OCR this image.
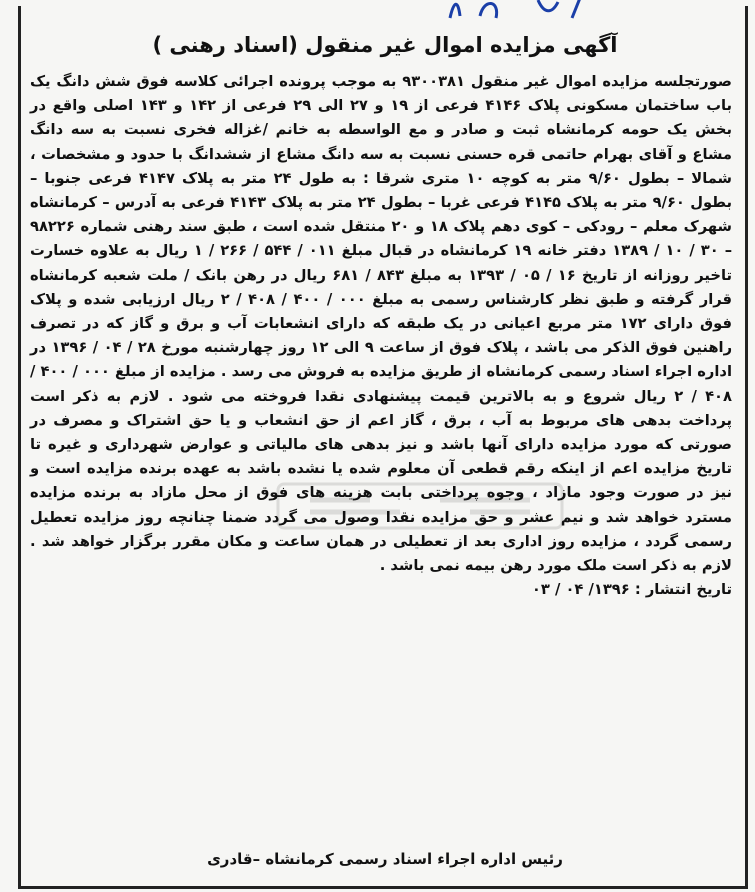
آگهی مزایده اموال غیر منقول (اسناد رهنی )

صورتجلسه مزایده اموال غیر منقول ۹۳۰۰۳۸۱ به موجب پرونده اجرائی کلاسه فوق شش دانگ یک باب ساختمان مسکونی پلاک ۴۱۴۶ فرعی از ۱۹ و ۲۷ الی ۲۹ فرعی از ۱۴۲ و ۱۴۳ اصلی واقع در بخش یک حومه کرمانشاه ثبت و صادر و مع الواسطه به خانم /غزاله فخری نسبت به سه دانگ مشاع و آقای بهرام حاتمی قره حسنی نسبت به سه دانگ مشاع از ششدانگ با حدود و مشخصات ، شمالا – بطول ۹/۶۰ متر به کوچه ۱۰ متری شرقا : به طول ۲۴ متر به پلاک ۴۱۴۷ فرعی جنوبا – بطول ۹/۶۰ متر به پلاک ۴۱۴۵ فرعی غربا – بطول ۲۴ متر به پلاک ۴۱۴۳ فرعی به آدرس – کرمانشاه شهرک معلم – رودکی – کوی دهم پلاک ۱۸ و ۲۰ منتقل شده است ، طبق سند رهنی شماره ۹۸۲۲۶ – ۳۰ / ۱۰ / ۱۳۸۹ دفتر خانه ۱۹ کرمانشاه در قبال مبلغ ۰۱۱ / ۵۴۴ / ۲۶۶ / ۱ ریال به علاوه خسارت تاخیر روزانه از تاریخ ۱۶ / ۰۵ / ۱۳۹۳ به مبلغ ۸۴۳ / ۶۸۱ ریال در رهن بانک / ملت شعبه کرمانشاه قرار گرفته و طبق نظر کارشناس رسمی به مبلغ ۰۰۰ / ۴۰۰ / ۴۰۸ / ۲ ریال ارزیابی شده و پلاک فوق دارای ۱۷۲ متر مربع اعیانی در یک طبقه که دارای انشعابات آب و برق و گاز که در تصرف راهنین فوق الذکر می باشد ، پلاک فوق از ساعت ۹ الی ۱۲ روز چهارشنبه مورخ ۲۸ / ۰۴ / ۱۳۹۶ در اداره اجراء اسناد رسمی کرمانشاه از طریق مزایده به فروش می رسد . مزایده از مبلغ ۰۰۰ / ۴۰۰ / ۴۰۸ / ۲ ریال شروع و به بالاترین قیمت پیشنهادی نقدا فروخته می شود . لازم به ذکر است پرداخت بدهی های مربوط به آب ، برق ، گاز اعم از حق انشعاب و یا حق اشتراک و مصرف در صورتی که مورد مزایده دارای آنها باشد و نیز بدهی های مالیاتی و عوارض شهرداری و غیره تا تاریخ مزایده اعم از اینکه رقم قطعی آن معلوم شده یا نشده باشد به عهده برنده مزایده است و نیز در صورت وجود مازاد ، وجوه پرداختی بابت هزینه های فوق از محل مازاد به برنده مزایده مسترد خواهد شد و نیم عشر و حق مزایده نقدا وصول می گردد ضمنا چنانچه روز مزایده تعطیل رسمی گردد ، مزایده روز اداری بعد از تعطیلی در همان ساعت و مکان مقرر برگزار خواهد شد . لازم به ذکر است ملک مورد رهن بیمه نمی باشد .

تاریخ انتشار : ۱۳۹۶/ ۰۴ / ۰۳

رئیس اداره اجراء اسناد رسمی کرمانشاه –قادری
